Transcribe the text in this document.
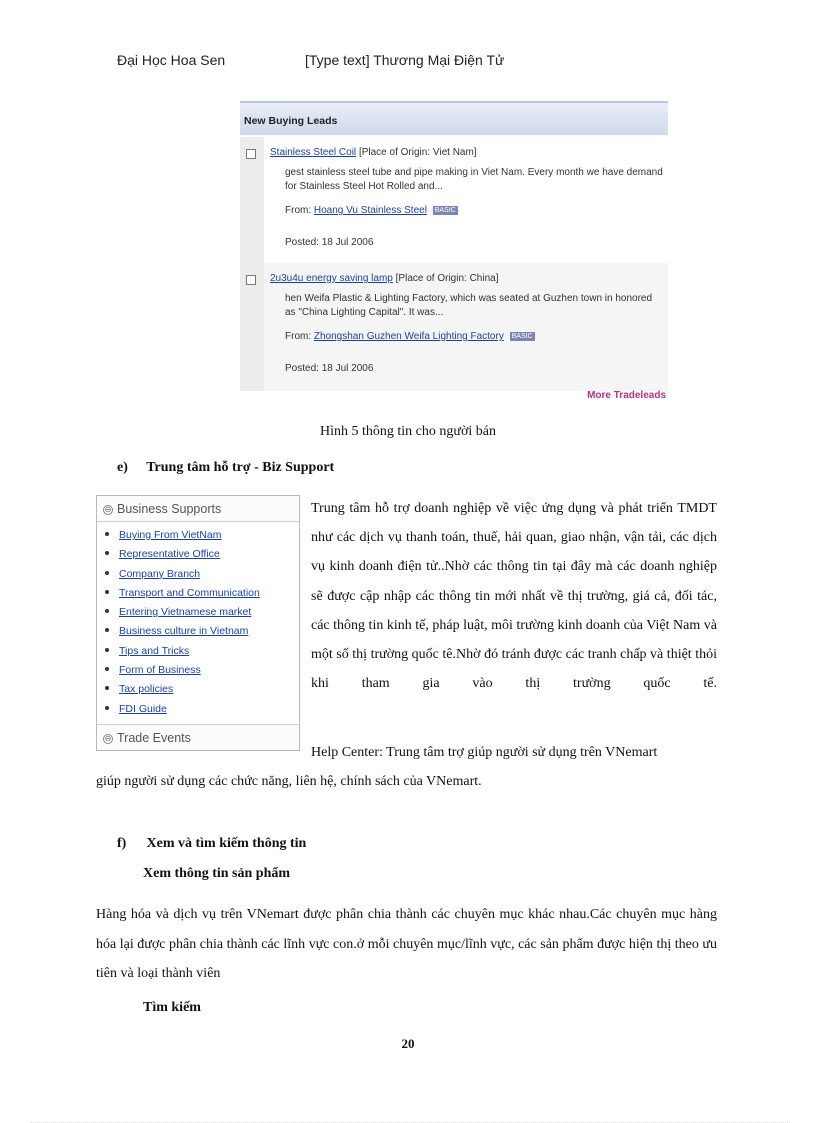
Đại Học Hoa Sen	[Type text] Thương Mại Điện Tử
New Buying Leads
Stainless Steel Coil [Place of Origin: Viet Nam]
gest stainless steel tube and pipe making in Viet Nam. Every month we have demand for Stainless Steel Hot Rolled and...
From: Hoang Vu Stainless Steel BASIC
Posted: 18 Jul 2006
2u3u4u energy saving lamp [Place of Origin: China]
hen Weifa Plastic & Lighting Factory, which was seated at Guzhen town in honored as "China Lighting Capital". It was...
From: Zhongshan Guzhen Weifa Lighting Factory BASIC
Posted: 18 Jul 2006
More Tradeleads
Hình 5 thông tin cho người bán
e) Trung tâm hỗ trợ - Biz Support
⊖ Business Supports
Buying From VietNam
Representative Office
Company Branch
Transport and Communication
Entering Vietnamese market
Business culture in Vietnam
Tips and Tricks
Form of Business
Tax policies
FDI Guide
⊖ Trade Events
Trung tâm hỗ trợ doanh nghiệp về việc ứng dụng và phát triển TMDT như các dịch vụ thanh toán, thuế, hải quan, giao nhận, vận tải, các dịch vụ kinh doanh điện tử..Nhờ các thông tin tại đây mà các doanh nghiệp sẽ được cập nhập các thông tin mới nhất về thị trường, giá cả, đối tác, các thông tin kinh tế, pháp luật, môi trường kinh doanh của Việt Nam và một số thị trường quốc tê.Nhờ đó tránh được các tranh chấp và thiệt thỏi khi tham gia vào thị trường quốc tế.
Help Center: Trung tâm trợ giúp người sử dụng trên VNemart
giúp người sử dụng các chức năng, liên hệ, chính sách của VNemart.
f) Xem và tìm kiếm thông tin
Xem thông tin sản phẩm
Hàng hóa và dịch vụ trên VNemart được phân chia thành các chuyên mục khác nhau.Các chuyên mục hàng hóa lại được phân chia thành các lĩnh vực con.ở mỗi chuyên mục/lĩnh vực, các sản phẩm được hiện thị theo ưu tiên và loại thành viên
Tìm kiếm
20
